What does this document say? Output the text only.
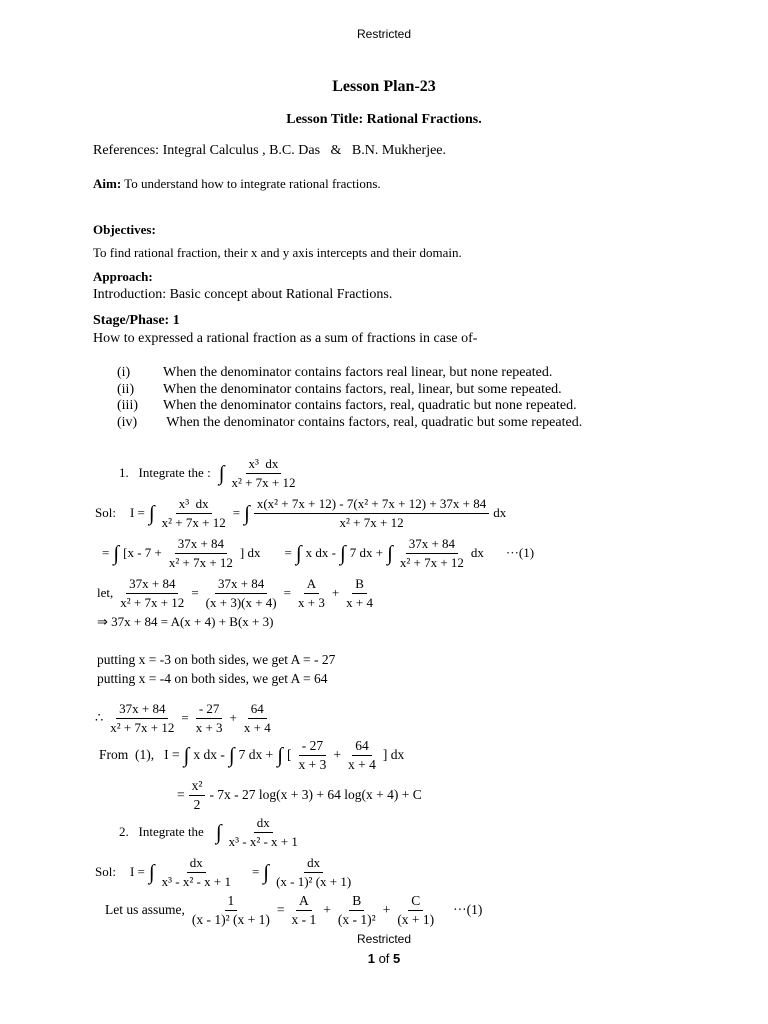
Restricted
Lesson Plan-23
Lesson Title: Rational Fractions.
References: Integral Calculus , B.C. Das   &   B.N. Mukherjee.
Aim: To understand how to integrate rational fractions.
Objectives:
To find rational fraction, their x and y axis intercepts and their domain.
Approach:
Introduction: Basic concept about Rational Fractions.
Stage/Phase: 1
How to expressed a rational fraction as a sum of fractions in case of-
(i) When the denominator contains factors real linear, but none repeated.
(ii) When the denominator contains factors, real, linear, but some repeated.
(iii) When the denominator contains factors, real, quadratic but none repeated.
(iv) When the denominator contains factors, real, quadratic but some repeated.
1.   Integrate the : ∫ $\frac{\text{x³  dx}}{\text{x² + 7x + 12}}$
Sol: I = ∫ $\frac{\text{x³  dx}}{\text{x² + 7x + 12}}$ = ∫ $\frac{\text{x(x² + 7x + 12) - 7(x² + 7x + 12) + 37x + 84}}{\text{x² + 7x + 12}}$ dx
= ∫ [$x - 7 + \frac{37x + 84}{\text{x² + 7x + 12}}$ ] dx = ∫ x dx - ∫ 7 dx + ∫ $\frac{37x + 84}{\text{x² + 7x + 12}}$ dx ···(1)
let, $\frac{37x + 84}{\text{x² + 7x + 12}} = \frac{37x + 84}{(x + 3)(x + 4)} = \frac{A}{x + 3} + \frac{B}{x + 4}$
⇒ 37x + 84 = A(x + 4) + B(x + 3)
putting x = -3 on both sides, we get A = - 27
putting x = -4 on both sides, we get A = 64
∴ $\frac{37x + 84}{\text{x² + 7x + 12}} = \frac{- 27}{x + 3} + \frac{64}{x + 4}$
From  (1), I = ∫ x dx - ∫ 7 dx + ∫ [ $\frac{- 27}{x + 3} + \frac{64}{x + 4}$ ] dx
= $\frac{\text{x²}}{2} - 7x - 27$ log(x + 3) + 64 log(x + 4) + C
2.   Integrate the ∫ $\frac{dx}{\text{x³ - x² - x + 1}}$
Sol: I = ∫ $\frac{dx}{\text{x³ - x² - x + 1}}$ = ∫ $\frac{dx}{\text{(x - 1)² (x + 1)}}$
Let us assume, $\frac{1}{\text{(x - 1)² (x + 1)}} = \frac{A}{x - 1} + \frac{B}{\text{(x - 1)²}} + \frac{C}{(x + 1)} \cdot\cdot\cdot(1)$
Restricted
1 of 5
